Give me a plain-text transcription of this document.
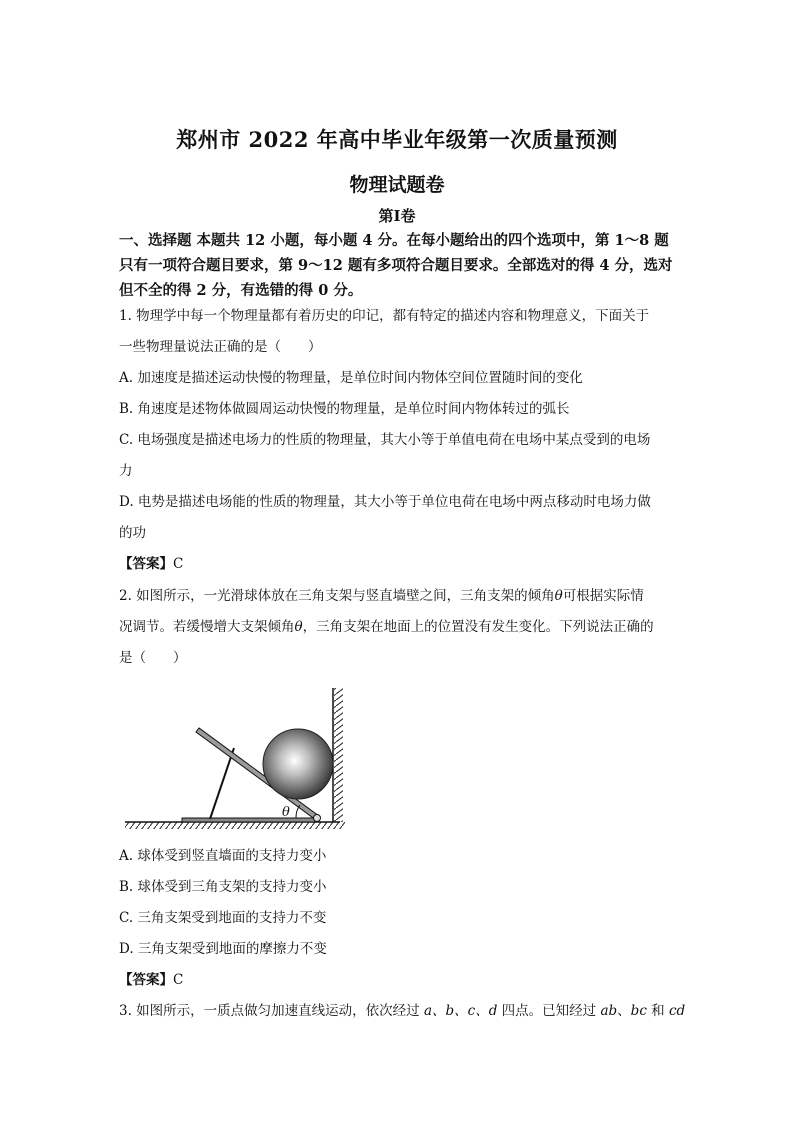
郑州市 2022 年高中毕业年级第一次质量预测
物理试题卷
第Ⅰ卷
一、选择题 本题共 12 小题，每小题 4 分。在每小题给出的四个选项中，第 1～8 题只有一项符合题目要求，第 9～12 题有多项符合题目要求。全部选对的得 4 分，选对但不全的得 2 分，有选错的得 0 分。
1. 物理学中每一个物理量都有着历史的印记，都有特定的描述内容和物理意义，下面关于
一些物理量说法正确的是（　　）
A. 加速度是描述运动快慢的物理量，是单位时间内物体空间位置随时间的变化
B. 角速度是述物体做圆周运动快慢的物理量，是单位时间内物体转过的弧长
C. 电场强度是描述电场力的性质的物理量，其大小等于单值电荷在电场中某点受到的电场
力
D. 电势是描述电场能的性质的物理量，其大小等于单位电荷在电场中两点移动时电场力做
的功
【答案】C
2. 如图所示，一光滑球体放在三角支架与竖直墙壁之间，三角支架的倾角θ可根据实际情
况调节。若缓慢增大支架倾角θ，三角支架在地面上的位置没有发生变化。下列说法正确的
是（　　）
θ
A. 球体受到竖直墙面的支持力变小
B. 球体受到三角支架的支持力变小
C. 三角支架受到地面的支持力不变
D. 三角支架受到地面的摩擦力不变
【答案】C
3. 如图所示，一质点做匀加速直线运动，依次经过 a、b、c、d 四点。已知经过 ab、bc 和 cd
